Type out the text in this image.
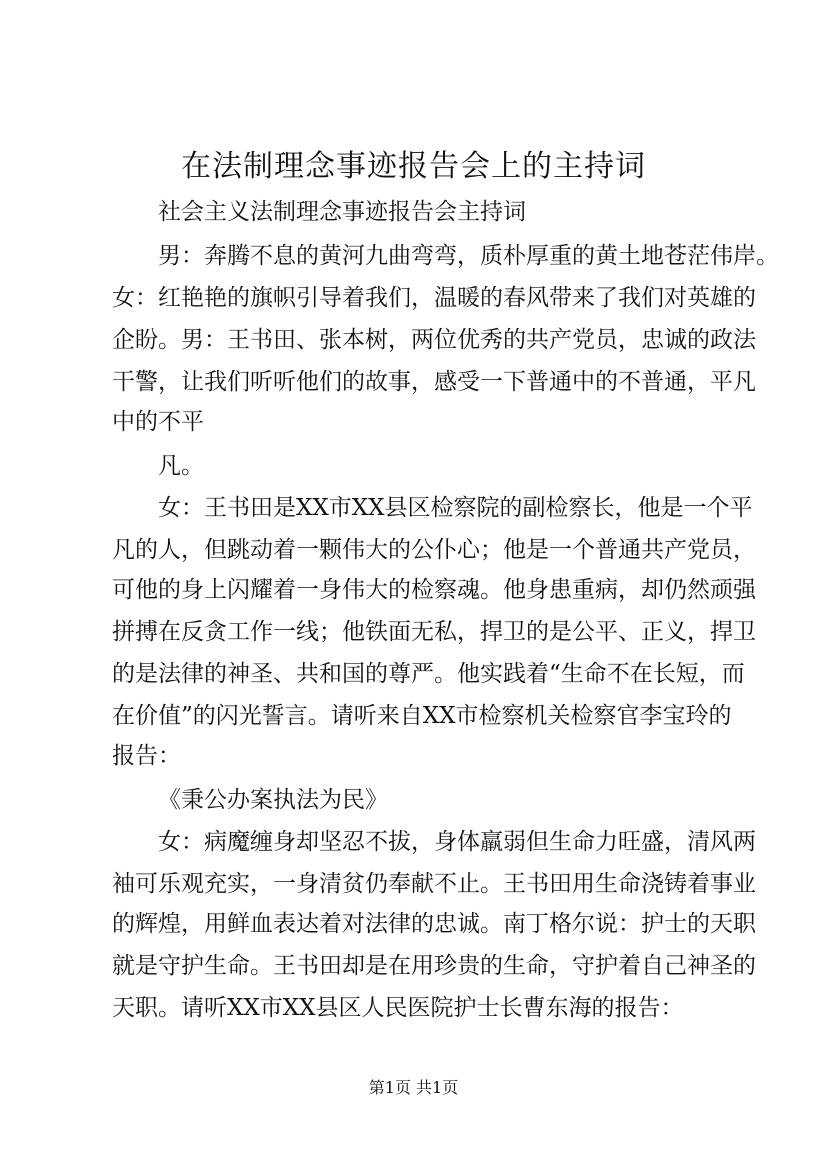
在法制理念事迹报告会上的主持词
社会主义法制理念事迹报告会主持词
男：奔腾不息的黄河九曲弯弯，质朴厚重的黄土地苍茫伟岸。
女：红艳艳的旗帜引导着我们，温暖的春风带来了我们对英雄的
企盼。男：王书田、张本树，两位优秀的共产党员，忠诚的政法
干警，让我们听听他们的故事，感受一下普通中的不普通，平凡
中的不平
凡。
女：王书田是XX市XX县区检察院的副检察长，他是一个平
凡的人，但跳动着一颗伟大的公仆心；他是一个普通共产党员，
可他的身上闪耀着一身伟大的检察魂。他身患重病，却仍然顽强
拼搏在反贪工作一线；他铁面无私，捍卫的是公平、正义，捍卫
的是法律的神圣、共和国的尊严。他实践着“生命不在长短，而
在价值”的闪光誓言。请听来自XX市检察机关检察官李宝玲的
报告：
《秉公办案执法为民》
女：病魔缠身却坚忍不拔，身体羸弱但生命力旺盛，清风两
袖可乐观充实，一身清贫仍奉献不止。王书田用生命浇铸着事业
的辉煌，用鲜血表达着对法律的忠诚。南丁格尔说：护士的天职
就是守护生命。王书田却是在用珍贵的生命，守护着自己神圣的
天职。请听XX市XX县区人民医院护士长曹东海的报告：
第1页 共1页
